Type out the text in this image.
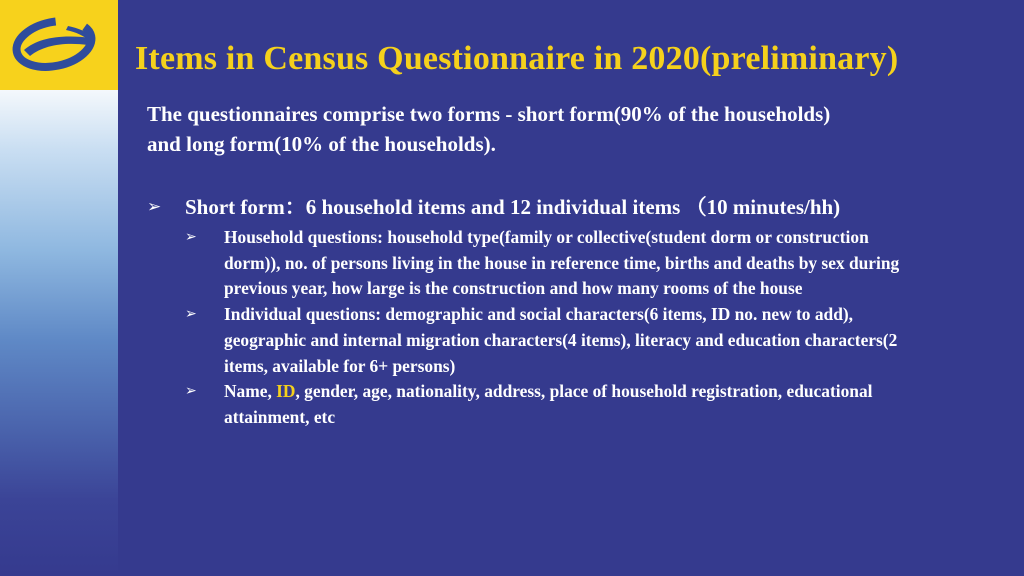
Items in Census Questionnaire in 2020(preliminary)

The questionnaires comprise two forms - short form(90% of the households) and long form(10% of the households).

➢ Short form：6 household items and 12 individual items （10 minutes/hh)
➢ Household questions: household type(family or collective(student dorm or construction dorm)), no. of persons living in the house in reference time, births and deaths by sex during previous year, how large is the construction and how many rooms of the house
➢ Individual questions: demographic and social characters(6 items, ID no. new to add), geographic and internal migration characters(4 items), literacy and education characters(2 items, available for 6+ persons)
➢ Name, ID, gender, age, nationality, address, place of household registration, educational attainment, etc
